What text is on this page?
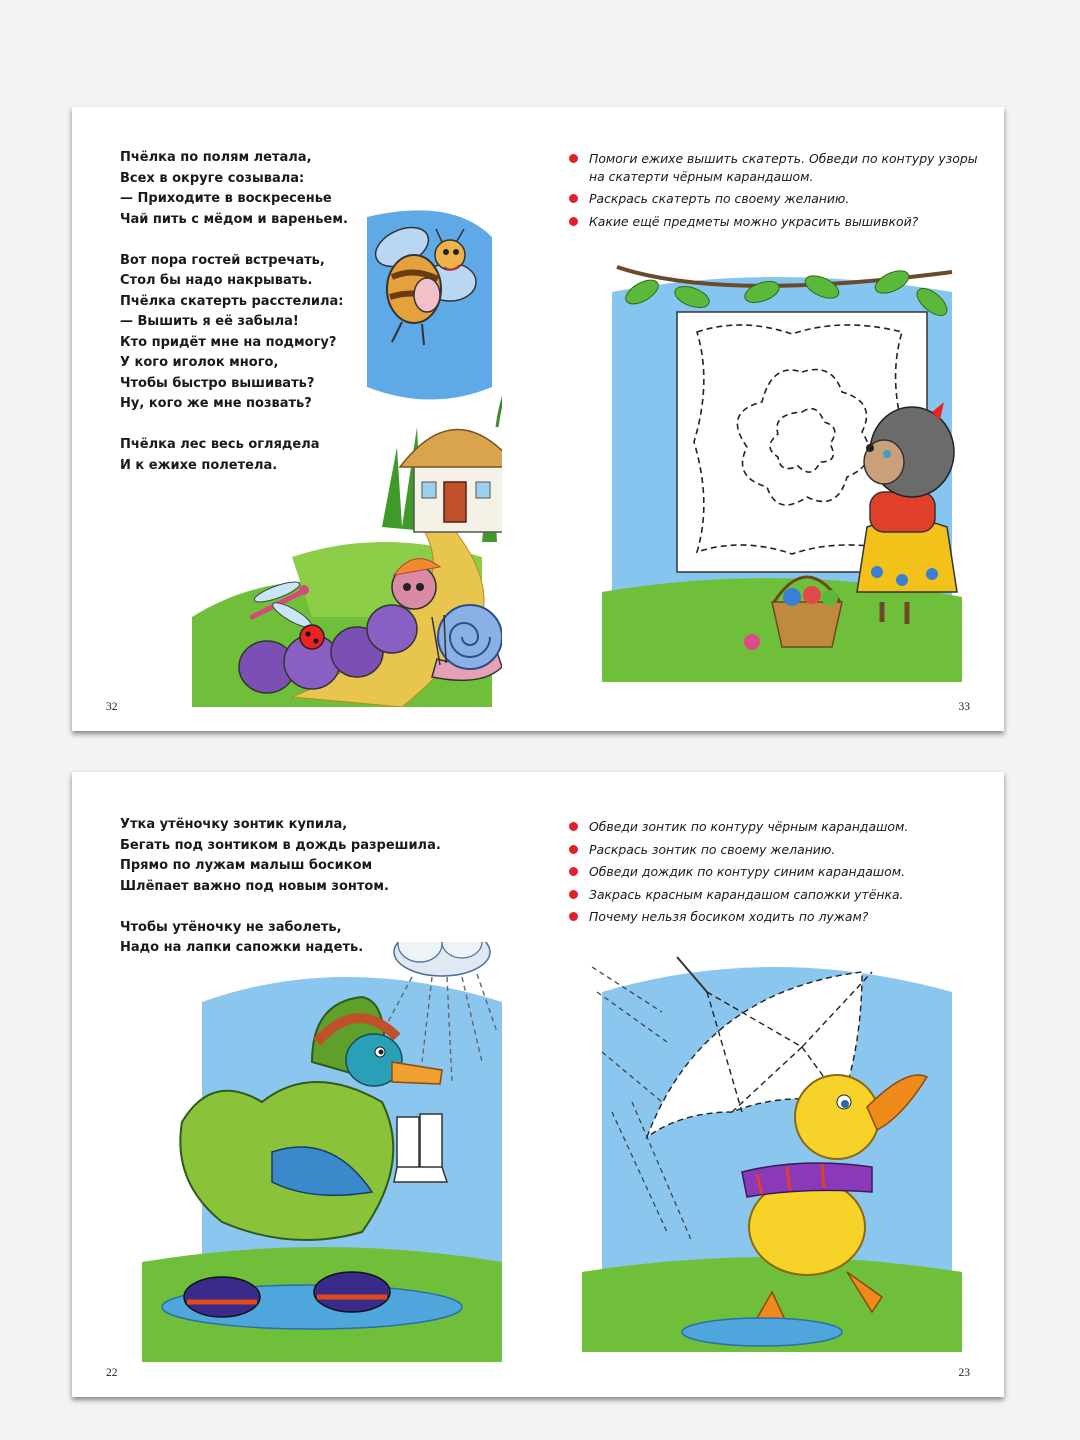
Пчёлка по полям летала,
Всех в округе созывала:
— Приходите в воскресенье
Чай пить с мёдом и вареньем.
Вот пора гостей встречать,
Стол бы надо накрывать.
Пчёлка скатерть расстелила:
— Вышить я её забыла!
Кто придёт мне на подмогу?
У кого иголок много,
Чтобы быстро вышивать?
Ну, кого же мне позвать?
Пчёлка лес весь оглядела
И к ежихе полетела.
Помоги ежихе вышить скатерть. Обведи по контуру узоры на скатерти чёрным карандашом.
Раскрась скатерть по своему желанию.
Какие ещё предметы можно украсить вышивкой?
32	33
Утка утёночку зонтик купила,
Бегать под зонтиком в дождь разрешила.
Прямо по лужам малыш босиком
Шлёпает важно под новым зонтом.
Чтобы утёночку не заболеть,
Надо на лапки сапожки надеть.
Обведи зонтик по контуру чёрным карандашом.
Раскрась зонтик по своему желанию.
Обведи дождик по контуру синим карандашом.
Закрась красным карандашом сапожки утёнка.
Почему нельзя босиком ходить по лужам?
22	23
